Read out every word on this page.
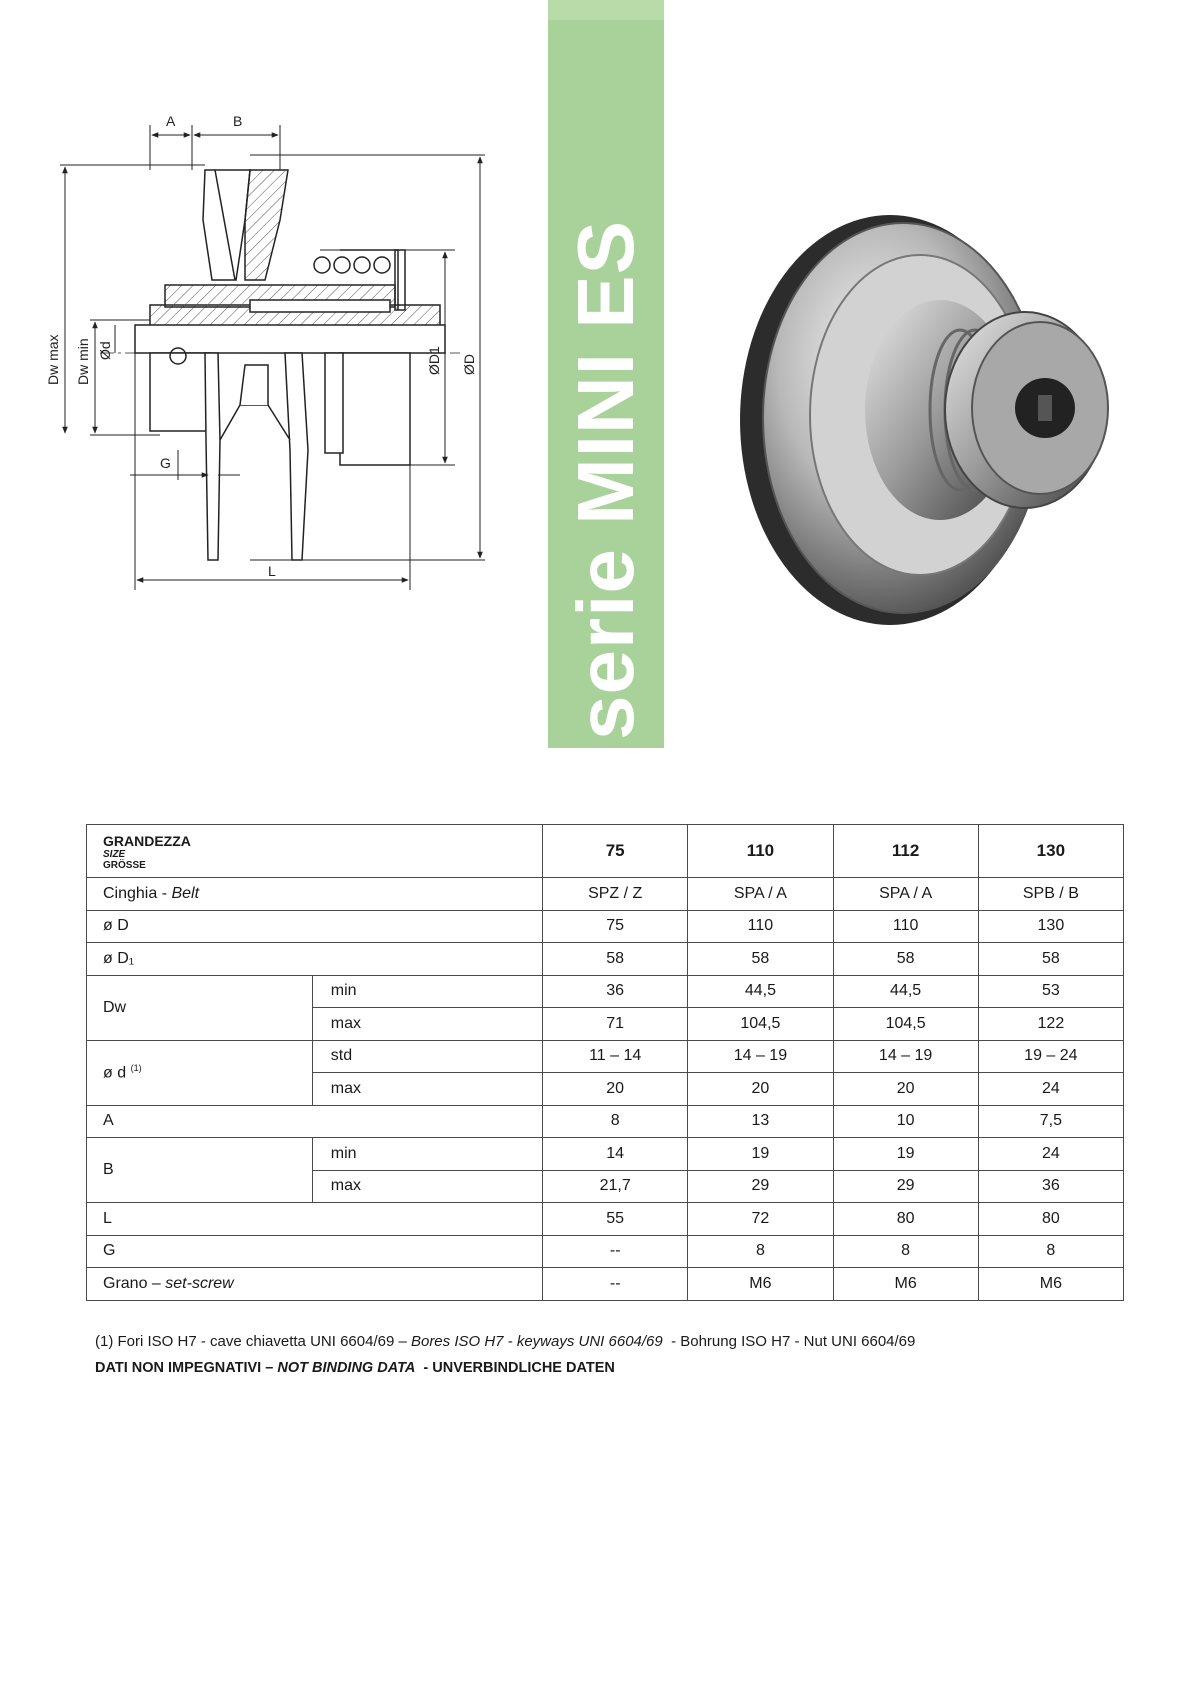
serie MINI ES
A	B
G
L
Dw max Dw min Ød	ØD1 ØD
GRANDEZZA
SIZE
GRÖSSE		75	110	112	130
Cinghia - Belt		SPZ / Z	SPA / A	SPA / A	SPB / B
ø D		75	110	110	130
ø D₁		58	58	58	58
Dw	min	36	44,5	44,5	53
	max	71	104,5	104,5	122
ø d $^{(1)}$	std	11 – 14	14 – 19	14 – 19	19 – 24
	max	20	20	20	24
A		8	13	10	7,5
B	min	14	19	19	24
	max	21,7	29	29	36
L		55	72	80	80
G		--	8	8	8
Grano – set-screw		--	M6	M6	M6
(1) Fori ISO H7 - cave chiavetta UNI 6604/69 – Bores ISO H7 - keyways UNI 6604/69  - Bohrung ISO H7 - Nut UNI 6604/69
DATI NON IMPEGNATIVI – NOT BINDING DATA  - UNVERBINDLICHE DATEN
